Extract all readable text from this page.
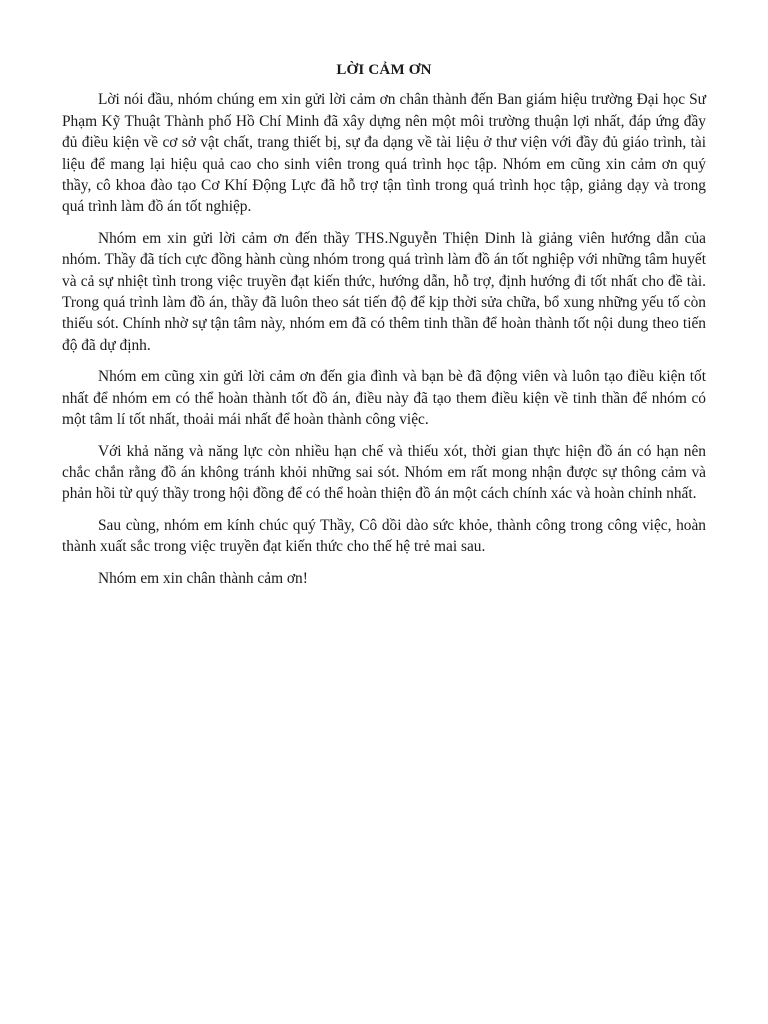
LỜI CẢM ƠN

Lời nói đầu, nhóm chúng em xin gửi lời cảm ơn chân thành đến Ban giám hiệu trường Đại học Sư Phạm Kỹ Thuật Thành phố Hồ Chí Minh đã xây dựng nên một môi trường thuận lợi nhất, đáp ứng đầy đủ điều kiện về cơ sở vật chất, trang thiết bị, sự đa dạng về tài liệu ở thư viện với đầy đủ giáo trình, tài liệu để mang lại hiệu quả cao cho sinh viên trong quá trình học tập. Nhóm em cũng xin cảm ơn quý thầy, cô khoa đào tạo Cơ Khí Động Lực đã hỗ trợ tận tình trong quá trình học tập, giảng dạy và trong quá trình làm đồ án tốt nghiệp.

Nhóm em xin gửi lời cảm ơn đến thầy THS.Nguyễn Thiện Dinh là giảng viên hướng dẫn của nhóm. Thầy đã tích cực đồng hành cùng nhóm trong quá trình làm đồ án tốt nghiệp với những tâm huyết và cả sự nhiệt tình trong việc truyền đạt kiến thức, hướng dẫn, hỗ trợ, định hướng đi tốt nhất cho đề tài. Trong quá trình làm đồ án, thầy đã luôn theo sát tiến độ để kịp thời sửa chữa, bổ xung những yếu tố còn thiếu sót. Chính nhờ sự tận tâm này, nhóm em đã có thêm tinh thần để hoàn thành tốt nội dung theo tiến độ đã dự định.

Nhóm em cũng xin gửi lời cảm ơn đến gia đình và bạn bè đã động viên và luôn tạo điều kiện tốt nhất để nhóm em có thể hoàn thành tốt đồ án, điều này đã tạo them điều kiện về tinh thần để nhóm có một tâm lí tốt nhất, thoải mái nhất để hoàn thành công việc.

Với khả năng và năng lực còn nhiều hạn chế và thiếu xót, thời gian thực hiện đồ án có hạn nên chắc chắn rằng đồ án không tránh khỏi những sai sót. Nhóm em rất mong nhận được sự thông cảm và phản hồi từ quý thầy trong hội đồng để có thể hoàn thiện đồ án một cách chính xác và hoàn chỉnh nhất.

Sau cùng, nhóm em kính chúc quý Thầy, Cô dồi dào sức khỏe, thành công trong công việc, hoàn thành xuất sắc trong việc truyền đạt kiến thức cho thế hệ trẻ mai sau.

Nhóm em xin chân thành cảm ơn!
